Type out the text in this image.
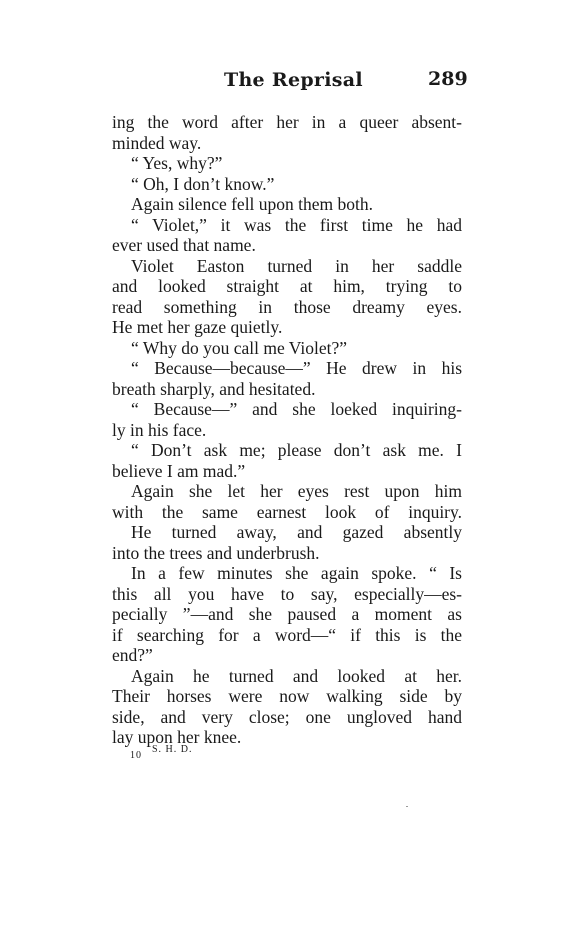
The Reprisal	289
ing the word after her in a queer absent-
minded way.
“ Yes, why?”
“ Oh, I don’t know.”
Again silence fell upon them both.
“ Violet,” it was the first time he had
ever used that name.
Violet Easton turned in her saddle
and looked straight at him, trying to
read something in those dreamy eyes.
He met her gaze quietly.
“ Why do you call me Violet?”
“ Because—because—” He drew in his
breath sharply, and hesitated.
“ Because—” and she loeked inquiring-
ly in his face.
“ Don’t ask me; please don’t ask me. I
believe I am mad.”
Again she let her eyes rest upon him
with the same earnest look of inquiry.
He turned away, and gazed absently
into the trees and underbrush.
In a few minutes she again spoke. “ Is
this all you have to say, especially—es-
pecially ”—and she paused a moment as
if searching for a word—“ if this is the
end?”
Again he turned and looked at her.
Their horses were now walking side by
side, and very close; one ungloved hand
lay upon her knee.
10S. H. D.
